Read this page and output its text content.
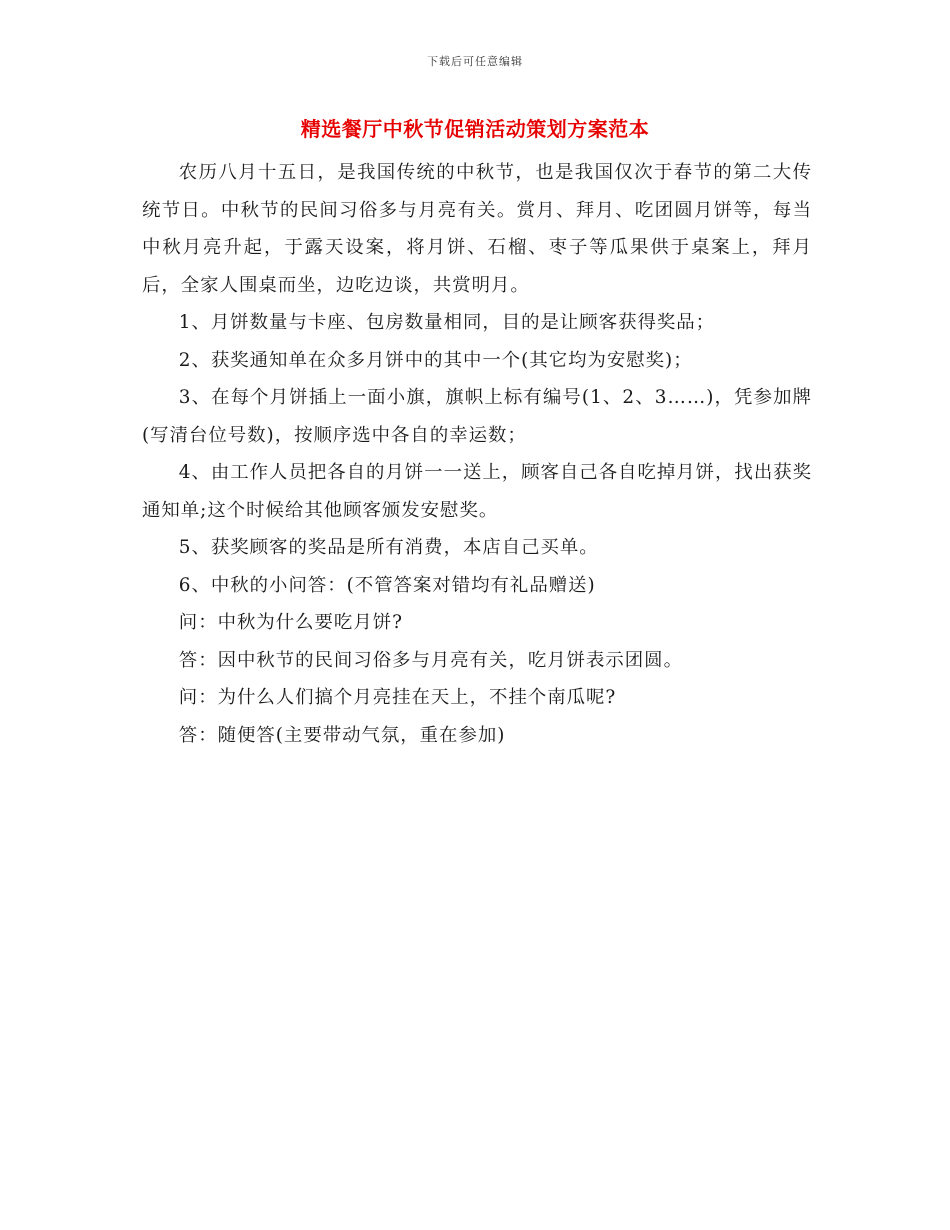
下载后可任意编辑
精选餐厅中秋节促销活动策划方案范本

农历八月十五日，是我国传统的中秋节，也是我国仅次于春节的第二大传统节日。中秋节的民间习俗多与月亮有关。赏月、拜月、吃团圆月饼等，每当中秋月亮升起，于露天设案，将月饼、石榴、枣子等瓜果供于桌案上，拜月后，全家人围桌而坐，边吃边谈，共赏明月。

1、月饼数量与卡座、包房数量相同，目的是让顾客获得奖品；

2、获奖通知单在众多月饼中的其中一个(其它均为安慰奖)；

3、在每个月饼插上一面小旗，旗帜上标有编号(1、2、3……)，凭参加牌(写清台位号数)，按顺序选中各自的幸运数；

4、由工作人员把各自的月饼一一送上，顾客自己各自吃掉月饼，找出获奖通知单;这个时候给其他顾客颁发安慰奖。

5、获奖顾客的奖品是所有消费，本店自己买单。

6、中秋的小问答：(不管答案对错均有礼品赠送)

问：中秋为什么要吃月饼?

答：因中秋节的民间习俗多与月亮有关，吃月饼表示团圆。

问：为什么人们搞个月亮挂在天上，不挂个南瓜呢?

答：随便答(主要带动气氛，重在参加)
